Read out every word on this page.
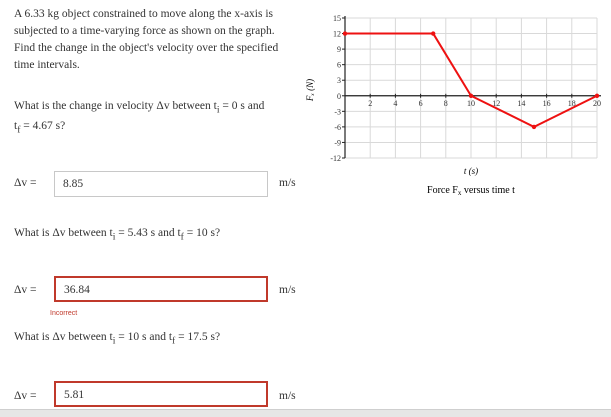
A 6.33 kg object constrained to move along the x-axis is
subjected to a time-varying force as shown on the graph.
Find the change in the object's velocity over the specified
time intervals.
What is the change in velocity Δv between $t_i = 0$ s and
$t_f = 4.67$ s?
Δv =	8.85	m/s
What is Δv between $t_i = 5.43$ s and $t_f = 10$ s?
Δv =	36.84	m/s
Incorrect
What is Δv between $t_i = 10$ s and $t_f = 17.5$ s?
Δv =	5.81	m/s
2	4	6	8 10 12 14 16 18 20
15
12
9
6
3
0
-3
-6
-9
-12
t (s)
Fₓ (N)
Force $F_x$ versus time t
